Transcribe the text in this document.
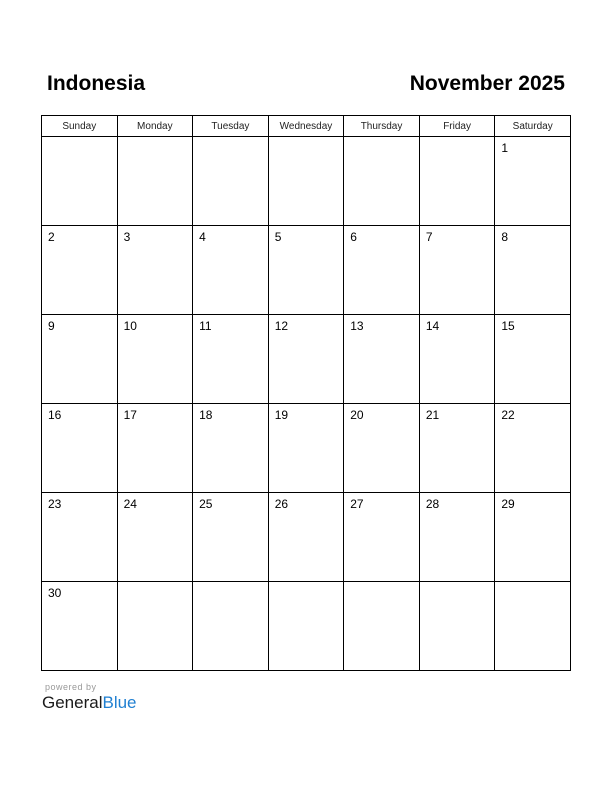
Indonesia	November 2025
Sunday	Monday	Tuesday	Wednesday	Thursday	Friday	Saturday

						1

2	3	4	5	6	7	8

9	10	11	12	13	14	15

16	17	18	19	20	21	22

23	24	25	26	27	28	29

30						

powered by
GeneralBlue
